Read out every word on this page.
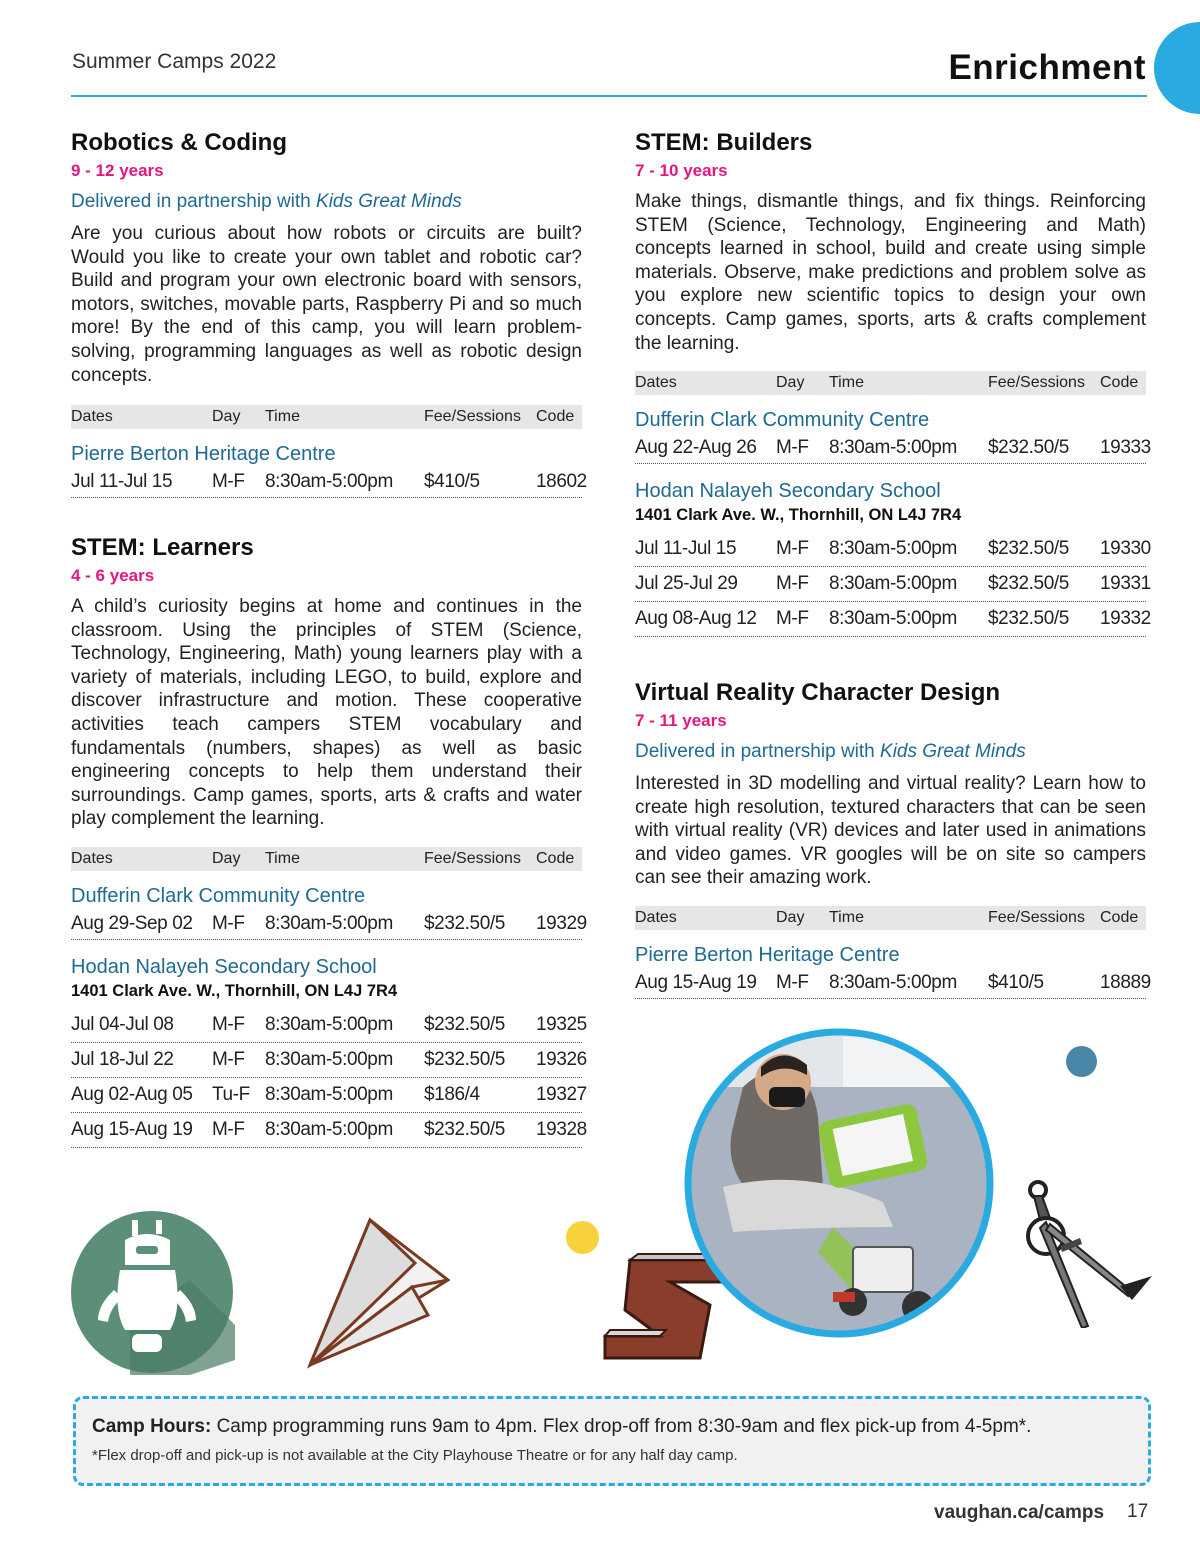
Summer Camps 2022	Enrichment
Robotics & Coding
9 - 12 years
Delivered in partnership with Kids Great Minds
Are you curious about how robots or circuits are built? Would you like to create your own tablet and robotic car? Build and program your own electronic board with sensors, motors, switches, movable parts, Raspberry Pi and so much more! By the end of this camp, you will learn problem-solving, programming languages as well as robotic design concepts.
Dates	Day	Time	Fee/Sessions Code
Pierre Berton Heritage Centre
Jul 11-Jul 15	M-F	8:30am-5:00pm	$410/5	18602
STEM: Learners
4 - 6 years
A child’s curiosity begins at home and continues in the classroom. Using the principles of STEM (Science, Technology, Engineering, Math) young learners play with a variety of materials, including LEGO, to build, explore and discover infrastructure and motion. These cooperative activities teach campers STEM vocabulary and fundamentals (numbers, shapes) as well as basic engineering concepts to help them understand their surroundings. Camp games, sports, arts & crafts and water play complement the learning.
Dates	Day	Time	Fee/Sessions Code
Dufferin Clark Community Centre
Aug 29-Sep 02	M-F	8:30am-5:00pm	$232.50/5	19329
Hodan Nalayeh Secondary School
1401 Clark Ave. W., Thornhill, ON L4J 7R4
Jul 04-Jul 08	M-F	8:30am-5:00pm	$232.50/5	19325
Jul 18-Jul 22	M-F	8:30am-5:00pm	$232.50/5	19326
Aug 02-Aug 05	Tu-F 8:30am-5:00pm	$186/4	19327
Aug 15-Aug 19	M-F	8:30am-5:00pm	$232.50/5	19328
STEM: Builders
7 - 10 years
Make things, dismantle things, and fix things. Reinforcing STEM (Science, Technology, Engineering and Math) concepts learned in school, build and create using simple materials. Observe, make predictions and problem solve as you explore new scientific topics to design your own concepts. Camp games, sports, arts & crafts complement the learning.
Dates	Day	Time	Fee/Sessions Code
Dufferin Clark Community Centre
Aug 22-Aug 26	M-F	8:30am-5:00pm	$232.50/5	19333
Hodan Nalayeh Secondary School
1401 Clark Ave. W., Thornhill, ON L4J 7R4
Jul 11-Jul 15	M-F	8:30am-5:00pm	$232.50/5	19330
Jul 25-Jul 29	M-F	8:30am-5:00pm	$232.50/5	19331
Aug 08-Aug 12	M-F	8:30am-5:00pm	$232.50/5	19332
Virtual Reality Character Design
7 - 11 years
Delivered in partnership with Kids Great Minds
Interested in 3D modelling and virtual reality? Learn how to create high resolution, textured characters that can be seen with virtual reality (VR) devices and later used in animations and video games. VR googles will be on site so campers can see their amazing work.
Dates	Day	Time	Fee/Sessions Code
Pierre Berton Heritage Centre
Aug 15-Aug 19	M-F	8:30am-5:00pm	$410/5	18889
Camp Hours: Camp programming runs 9am to 4pm. Flex drop-off from 8:30-9am and flex pick-up from 4-5pm*.
*Flex drop-off and pick-up is not available at the City Playhouse Theatre or for any half day camp.
vaughan.ca/camps 17
